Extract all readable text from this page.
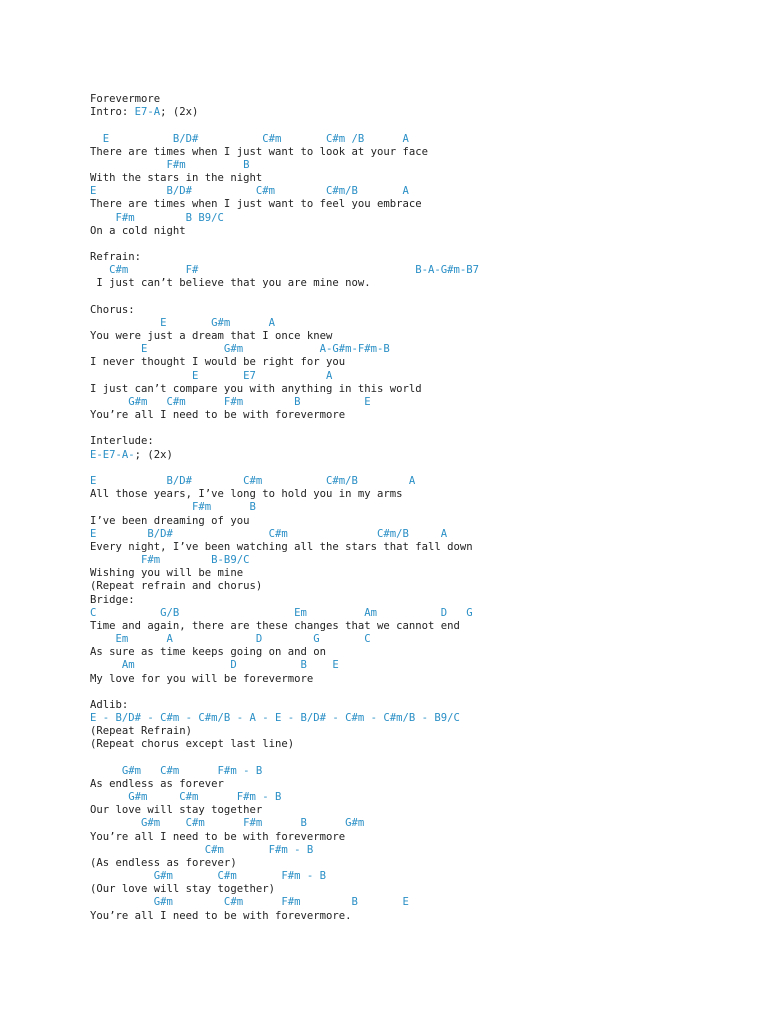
Forevermore
Intro: E7-A; (2x)
E          B/D#          C#m       C#m /B      A
There are times when I just want to look at your face
F#m         B
With the stars in the night
E           B/D#          C#m        C#m/B       A
There are times when I just want to feel you embrace
F#m        B B9/C
On a cold night
Refrain:
C#m         F#                                  B-A-G#m-B7
I just can’t believe that you are mine now.
Chorus:
E       G#m      A
You were just a dream that I once knew
E            G#m            A-G#m-F#m-B
I never thought I would be right for you
E       E7           A
I just can’t compare you with anything in this world
G#m   C#m      F#m        B          E
You’re all I need to be with forevermore
Interlude:
E-E7-A-; (2x)
E           B/D#        C#m          C#m/B        A
All those years, I’ve long to hold you in my arms
F#m      B
I’ve been dreaming of you
E        B/D#               C#m              C#m/B     A
Every night, I’ve been watching all the stars that fall down
F#m        B-B9/C
Wishing you will be mine
(Repeat refrain and chorus)
Bridge:
C          G/B                  Em         Am          D   G
Time and again, there are these changes that we cannot end
Em      A             D        G       C
As sure as time keeps going on and on
Am               D          B    E
My love for you will be forevermore
Adlib:
E - B/D# - C#m - C#m/B - A - E - B/D# - C#m - C#m/B - B9/C
(Repeat Refrain)
(Repeat chorus except last line)
G#m   C#m      F#m - B
As endless as forever
G#m     C#m      F#m - B
Our love will stay together
G#m    C#m      F#m      B      G#m
You’re all I need to be with forevermore
C#m       F#m - B
(As endless as forever)
G#m       C#m       F#m - B
(Our love will stay together)
G#m        C#m      F#m        B       E
You’re all I need to be with forevermore.
